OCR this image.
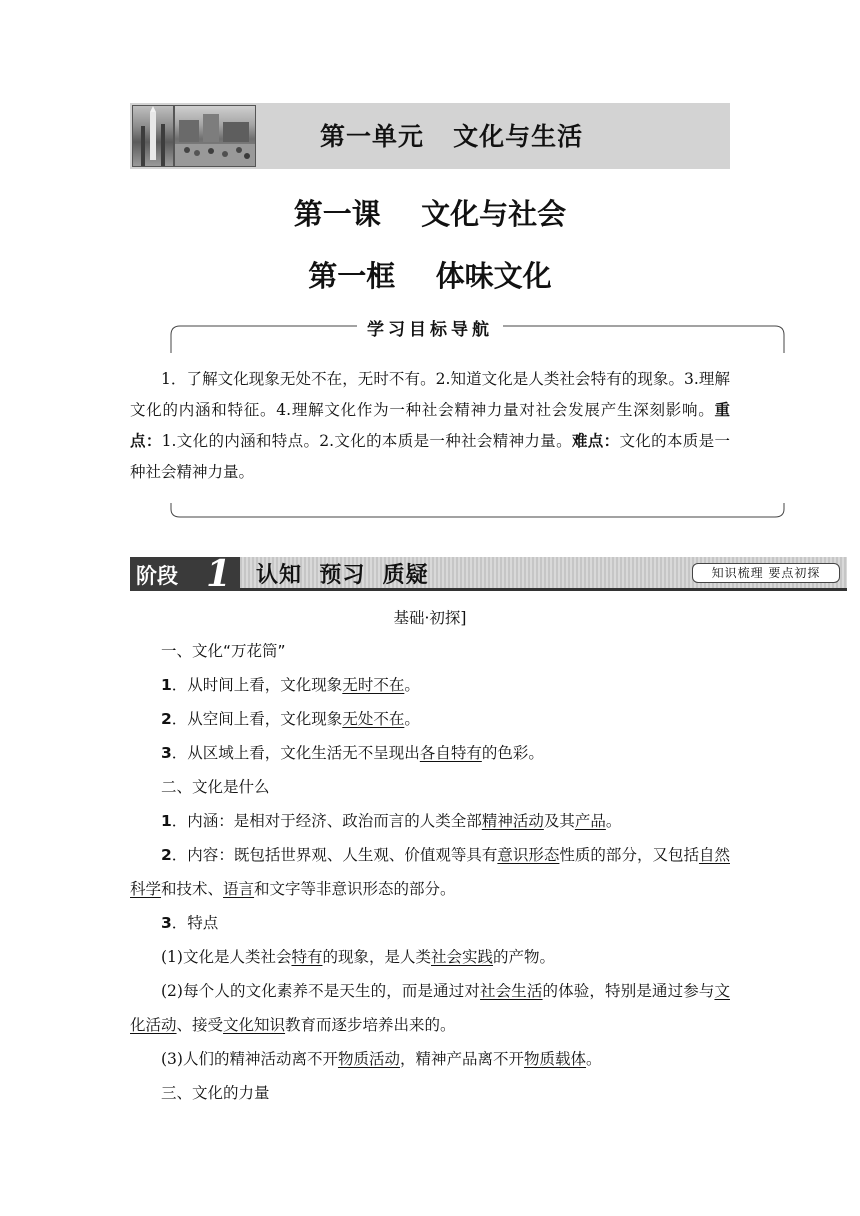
第一单元   文化与生活
第一课    文化与社会
第一框    体味文化
学习目标导航
1．了解文化现象无处不在，无时不有。2.知道文化是人类社会特有的现象。3.理解文化的内涵和特征。4.理解文化作为一种社会精神力量对社会发展产生深刻影响。重点：1.文化的内涵和特点。2.文化的本质是一种社会精神力量。难点：文化的本质是一种社会精神力量。
阶段 1 认知  预习  质疑	知识梳理 要点初探
基础·初探]
一、文化“万花筒”
1．从时间上看，文化现象无时不在。
2．从空间上看，文化现象无处不在。
3．从区域上看，文化生活无不呈现出各自特有的色彩。
二、文化是什么
1．内涵：是相对于经济、政治而言的人类全部精神活动及其产品。
2．内容：既包括世界观、人生观、价值观等具有意识形态性质的部分，又包括自然科学和技术、语言和文字等非意识形态的部分。
3．特点
(1)文化是人类社会特有的现象，是人类社会实践的产物。
(2)每个人的文化素养不是天生的，而是通过对社会生活的体验，特别是通过参与文化活动、接受文化知识教育而逐步培养出来的。
(3)人们的精神活动离不开物质活动，精神产品离不开物质载体。
三、文化的力量
